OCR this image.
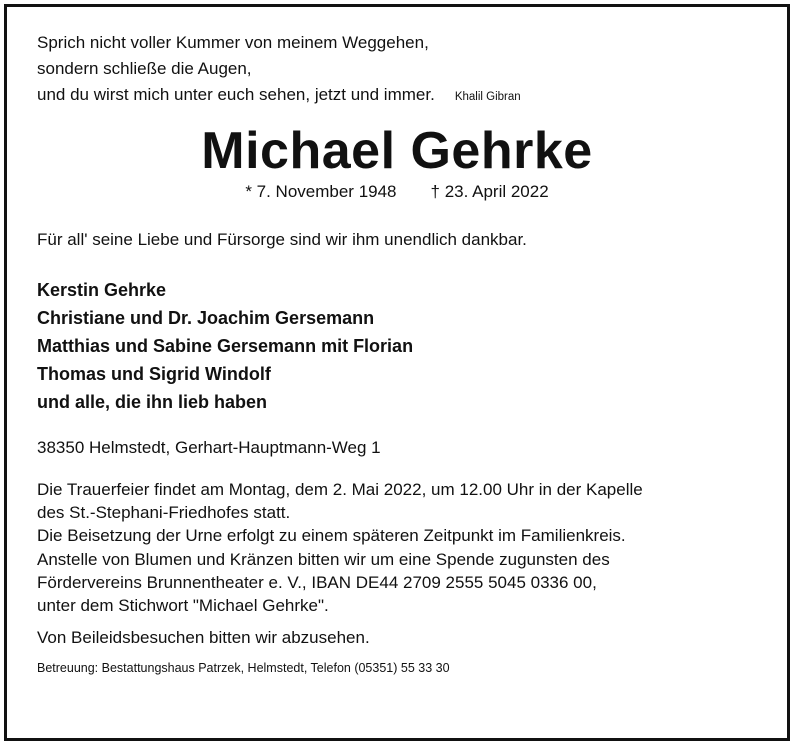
Sprich nicht voller Kummer von meinem Weggehen,
sondern schließe die Augen,
und du wirst mich unter euch sehen, jetzt und immer. Khalil Gibran
Michael Gehrke
* 7. November 1948 † 23. April 2022
Für all' seine Liebe und Fürsorge sind wir ihm unendlich dankbar.
Kerstin Gehrke
Christiane und Dr. Joachim Gersemann
Matthias und Sabine Gersemann mit Florian
Thomas und Sigrid Windolf
und alle, die ihn lieb haben
38350 Helmstedt, Gerhart-Hauptmann-Weg 1

Die Trauerfeier findet am Montag, dem 2. Mai 2022, um 12.00 Uhr in der Kapelle
des St.-Stephani-Friedhofes statt.
Die Beisetzung der Urne erfolgt zu einem späteren Zeitpunkt im Familienkreis.

Anstelle von Blumen und Kränzen bitten wir um eine Spende zugunsten des
Fördervereins Brunnentheater e. V., IBAN DE44 2709 2555 5045 0336 00,
unter dem Stichwort "Michael Gehrke".

Von Beileidsbesuchen bitten wir abzusehen.

Betreuung: Bestattungshaus Patrzek, Helmstedt, Telefon (05351) 55 33 30
